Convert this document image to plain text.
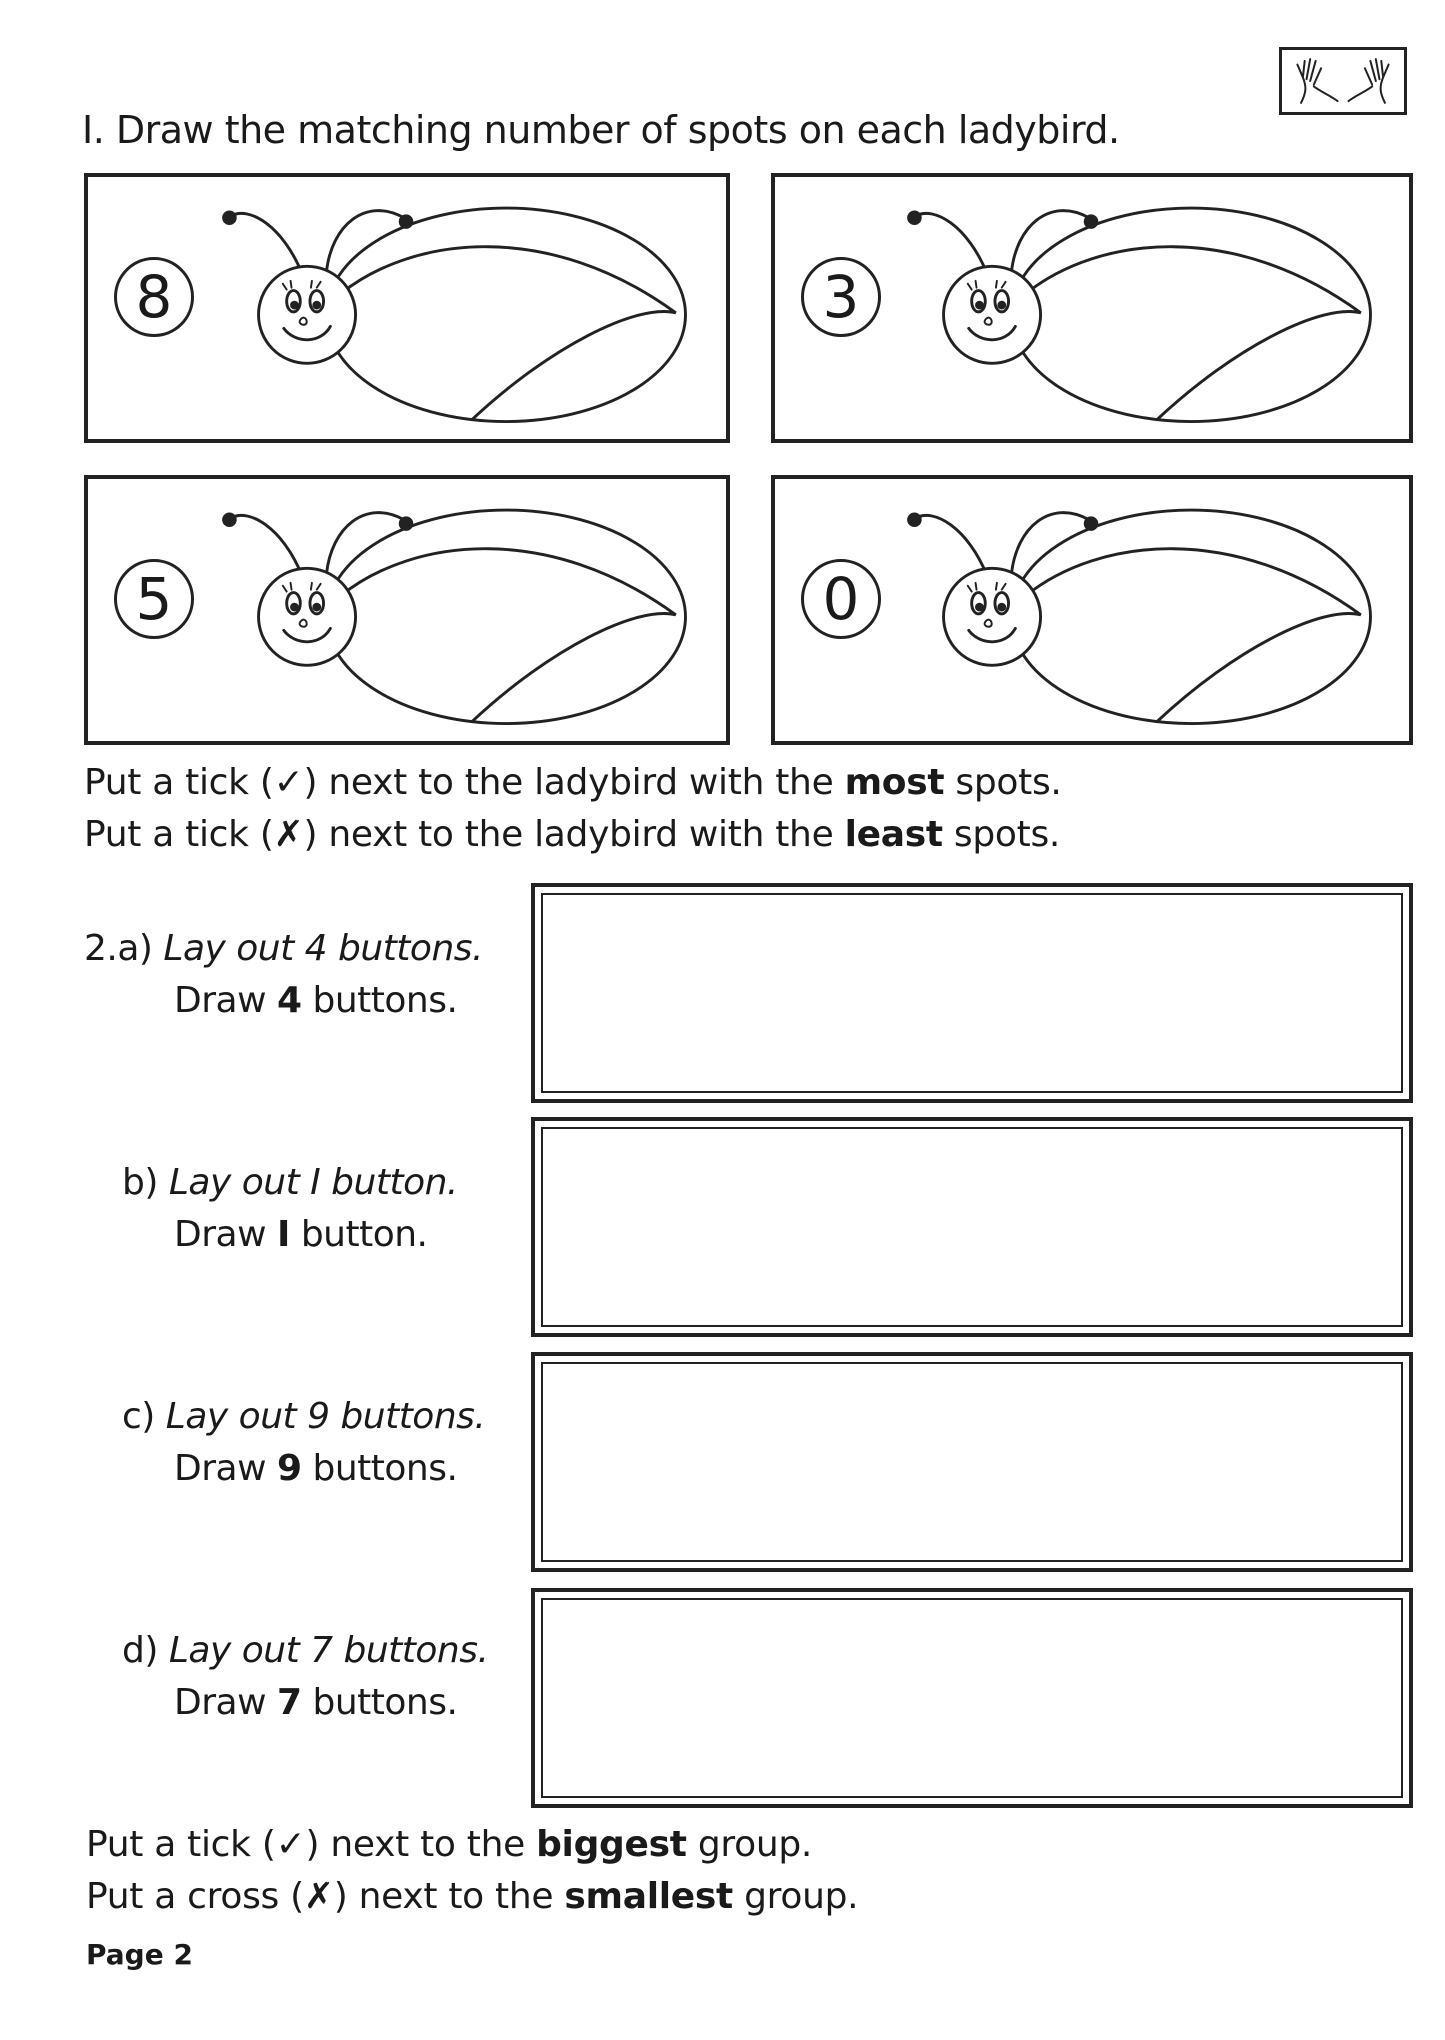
I. Draw the matching number of spots on each ladybird.
8	3
5	0
Put a tick (✓) next to the ladybird with the most spots.
Put a tick (✗) next to the ladybird with the least spots.
2.a) Lay out 4 buttons.
Draw 4 buttons.
b) Lay out I button.
Draw I button.
c) Lay out 9 buttons.
Draw 9 buttons.
d) Lay out 7 buttons.
Draw 7 buttons.
Put a tick (✓) next to the biggest group.
Put a cross (✗) next to the smallest group.
Page 2
